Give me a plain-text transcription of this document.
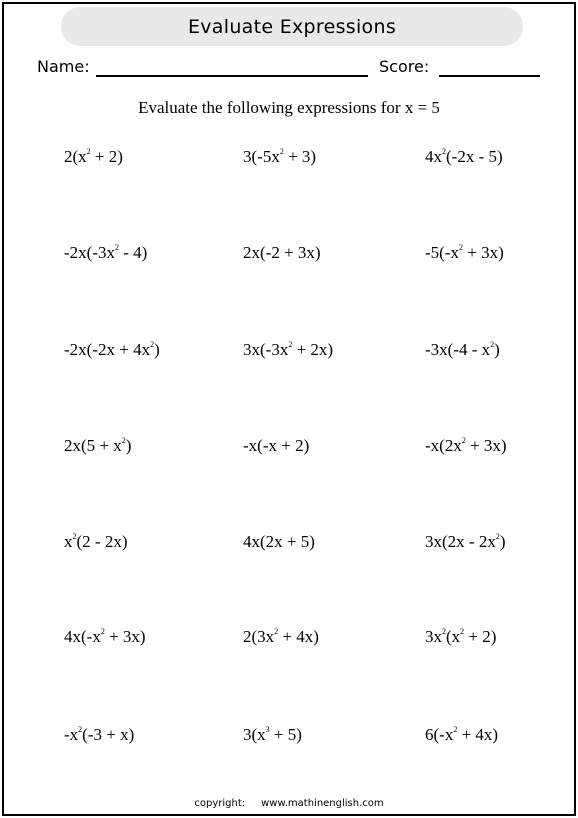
Evaluate Expressions
Name:	Score:
Evaluate the following expressions for x = 5
$2(x^2 + 2)$	$3(-5x^2 + 3)$	$4x^2(-2x - 5)$
$-2x(-3x^2 - 4)$	2x(-2 + 3x)	$-5(-x^2 + 3x)$
$-2x(-2x + 4x^2)$	$3x(-3x^2 + 2x)$	$-3x(-4 - x^2)$
$2x(5 + x^2)$	-x(-x + 2)	$-x(2x^2 + 3x)$
$x^2(2 - 2x)$	4x(2x + 5)	$3x(2x - 2x^2)$
$4x(-x^2 + 3x)$	$2(3x^2 + 4x)$	$3x^2(x^2 + 2)$
$-x^2(-3 + x)$	$3(x^3 + 5)$	$6(-x^2 + 4x)$
copyright: www.mathinenglish.com
